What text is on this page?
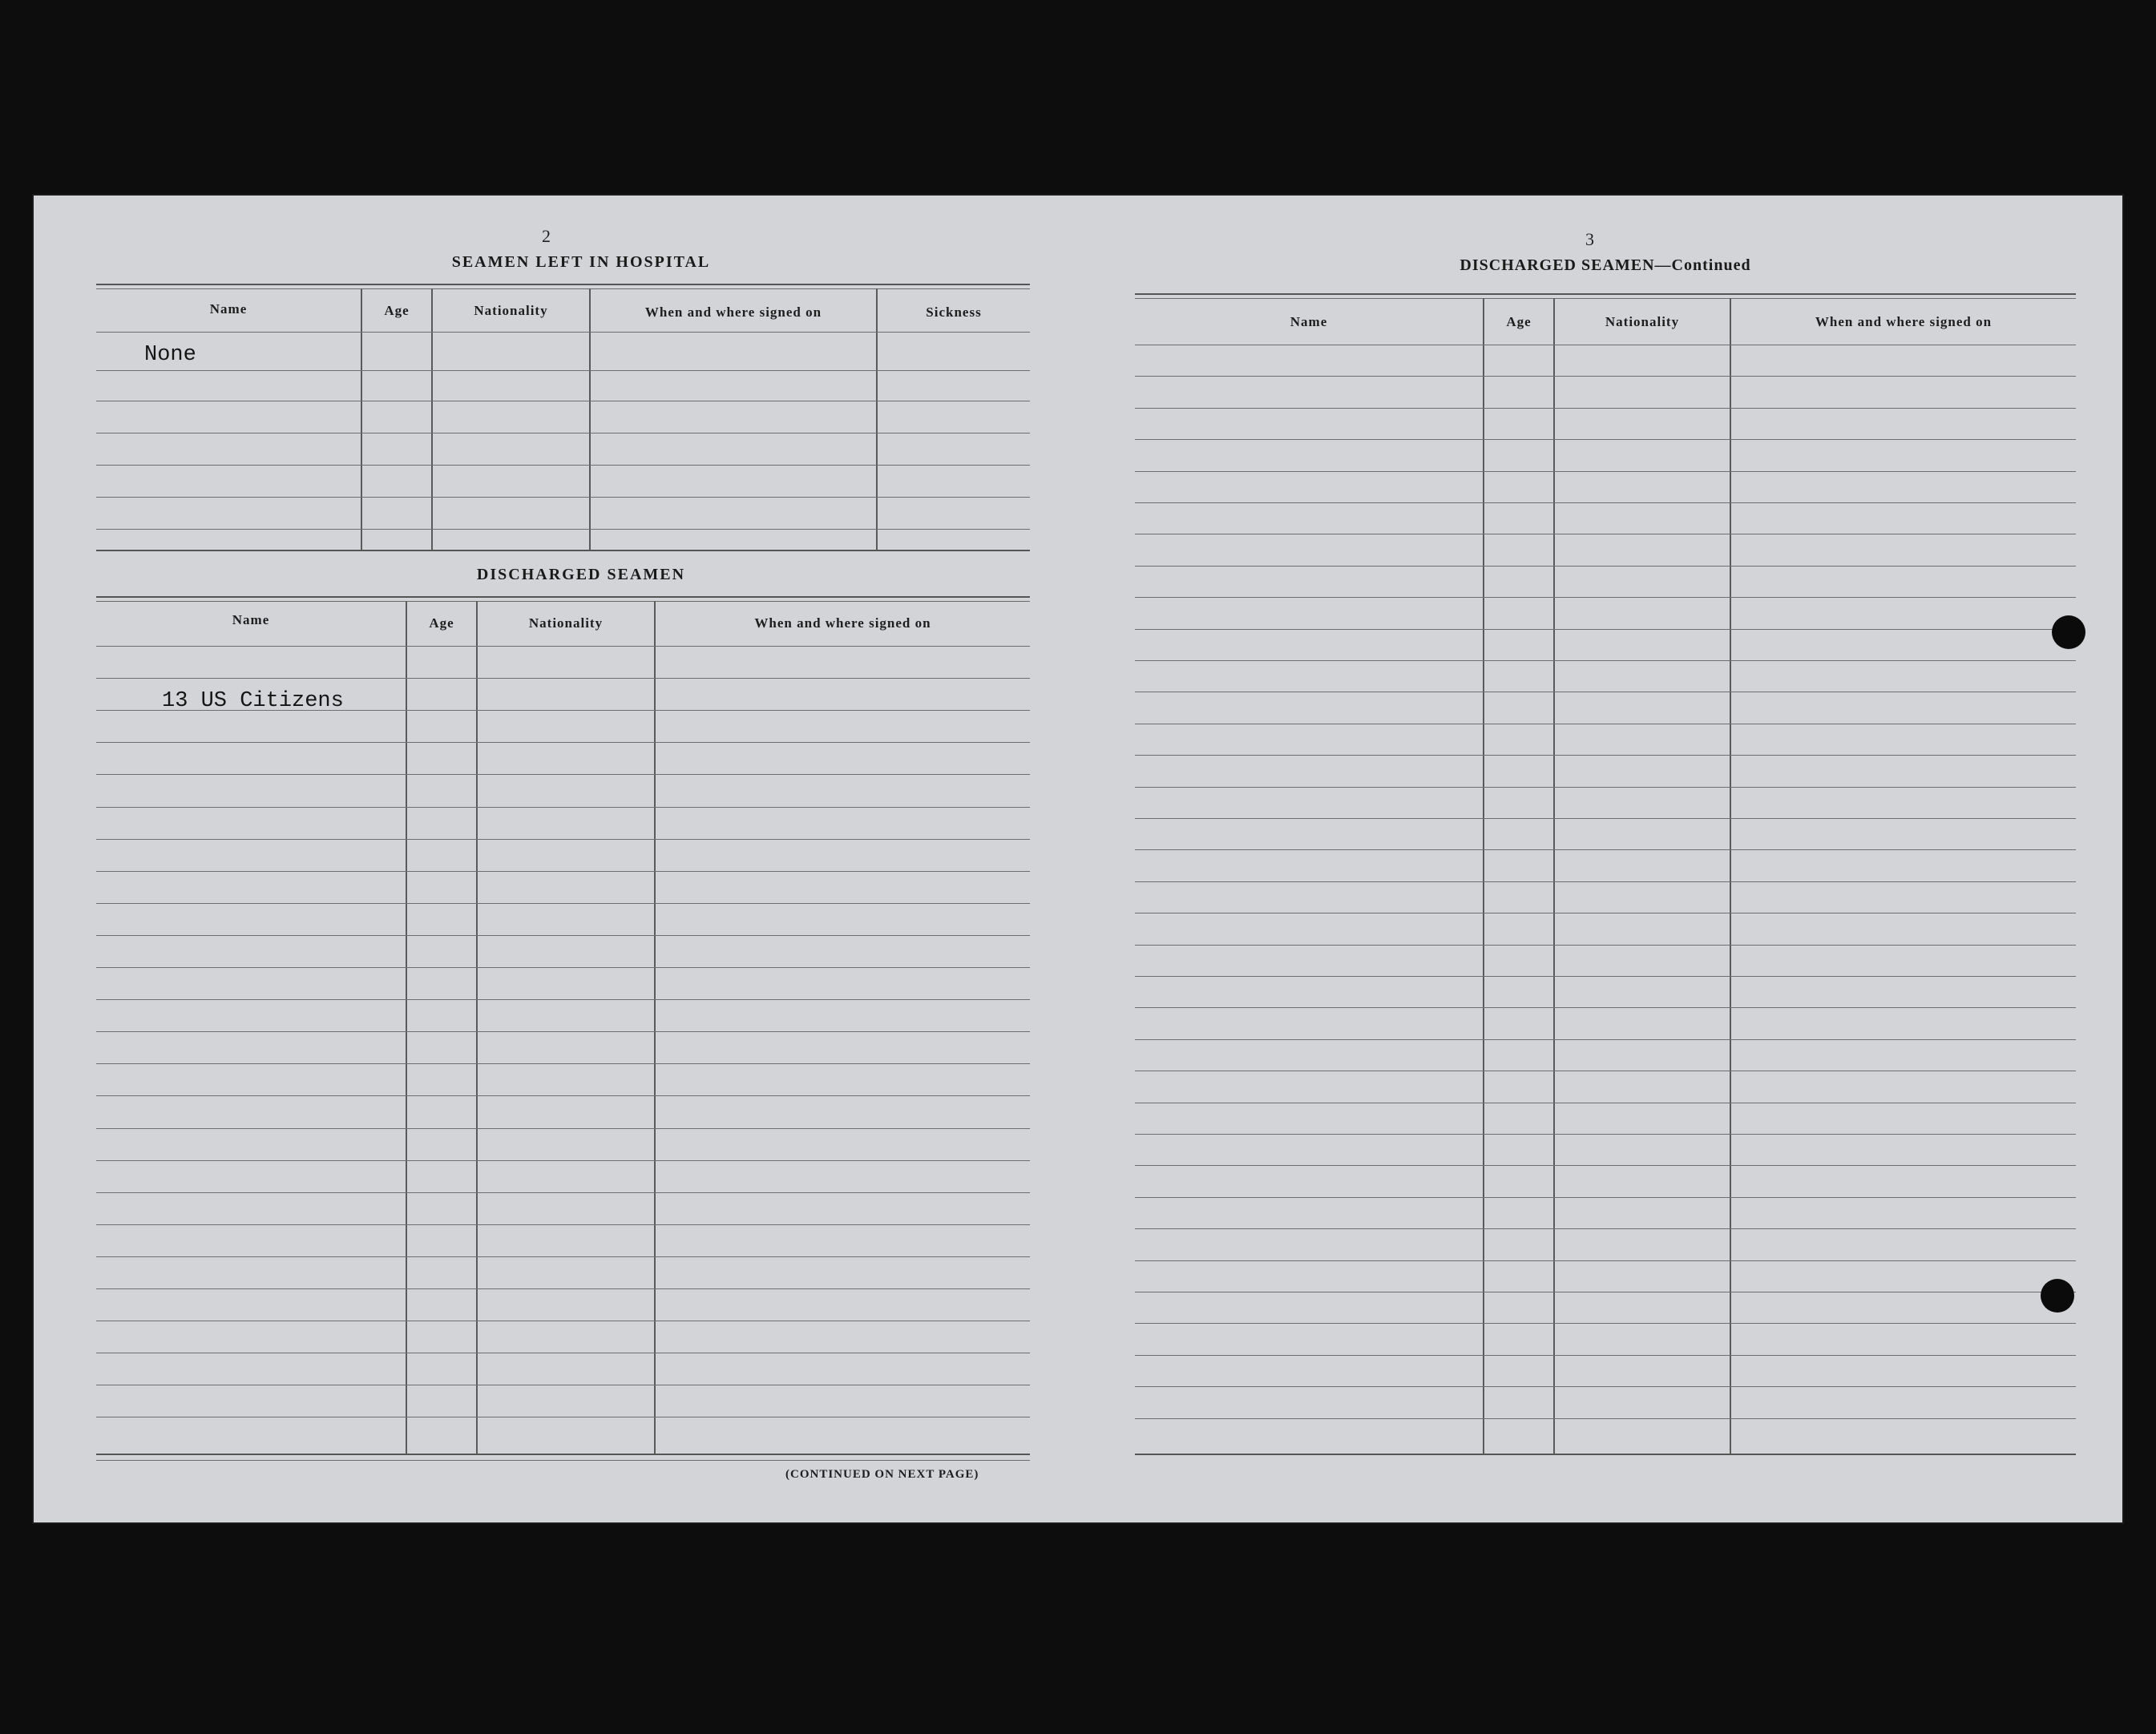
2
SEAMEN LEFT IN HOSPITAL
Name	Age	Nationality	When and where signed on	Sickness
None
DISCHARGED SEAMEN
Name	Age	Nationality	When and where signed on
13 US Citizens
(CONTINUED ON NEXT PAGE)
3
DISCHARGED SEAMEN—Continued
Name	Age	Nationality	When and where signed on
